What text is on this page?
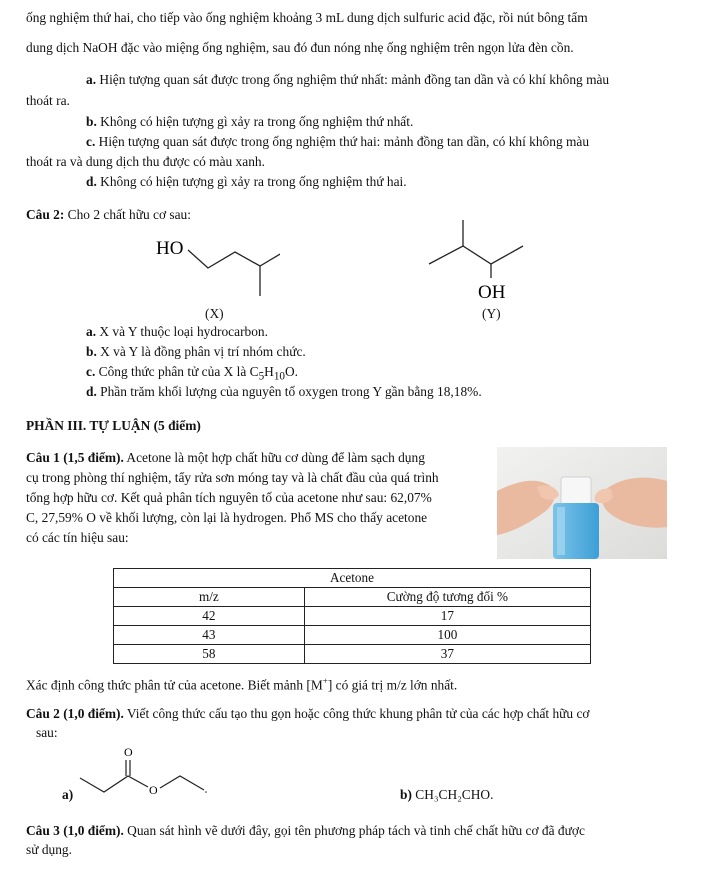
ống nghiệm thứ hai, cho tiếp vào ống nghiệm khoảng 3 mL dung dịch sulfuric acid đặc, rồi nút bông tẩm

dung dịch NaOH đặc vào miệng ống nghiệm, sau đó đun nóng nhẹ ống nghiệm trên ngọn lửa đèn cồn.

a. Hiện tượng quan sát được trong ống nghiệm thứ nhất: mảnh đồng tan dần và có khí không màu

thoát ra.

b. Không có hiện tượng gì xảy ra trong ống nghiệm thứ nhất.

c. Hiện tượng quan sát được trong ống nghiệm thứ hai: mảnh đồng tan dần, có khí không màu

thoát ra và dung dịch thu được có màu xanh.

d. Không có hiện tượng gì xảy ra trong ống nghiệm thứ hai.

Câu 2: Cho 2 chất hữu cơ sau:

HO

(X)

OH

(Y)

a. X và Y thuộc loại hydrocarbon.

b. X và Y là đồng phân vị trí nhóm chức.

c. Công thức phân tử của X là $C_5H_{10}O$.

d. Phần trăm khối lượng của nguyên tố oxygen trong Y gần bằng 18,18%.

PHẦN III. TỰ LUẬN (5 điểm)

Câu 1 (1,5 điểm). Acetone là một hợp chất hữu cơ dùng để làm sạch dụng

cụ trong phòng thí nghiệm, tẩy rửa sơn móng tay và là chất đầu của quá trình

tổng hợp hữu cơ. Kết quả phân tích nguyên tố của acetone như sau: 62,07%

C, 27,59% O về khối lượng, còn lại là hydrogen. Phổ MS cho thấy acetone

có các tín hiệu sau:

Acetone	
m/z	Cường độ tương đối %
42	17
43	100
58	37

Xác định công thức phân tử của acetone. Biết mảnh [M+] có giá trị m/z lớn nhất.

Câu 2 (1,0 điểm). Viết công thức cấu tạo thu gọn hoặc công thức khung phân tử của các hợp chất hữu cơ

sau:

a)

O
O	b) CH₃CH₂CHO.

Câu 3 (1,0 điểm). Quan sát hình vẽ dưới đây, gọi tên phương pháp tách và tinh chế chất hữu cơ đã được

sử dụng.
